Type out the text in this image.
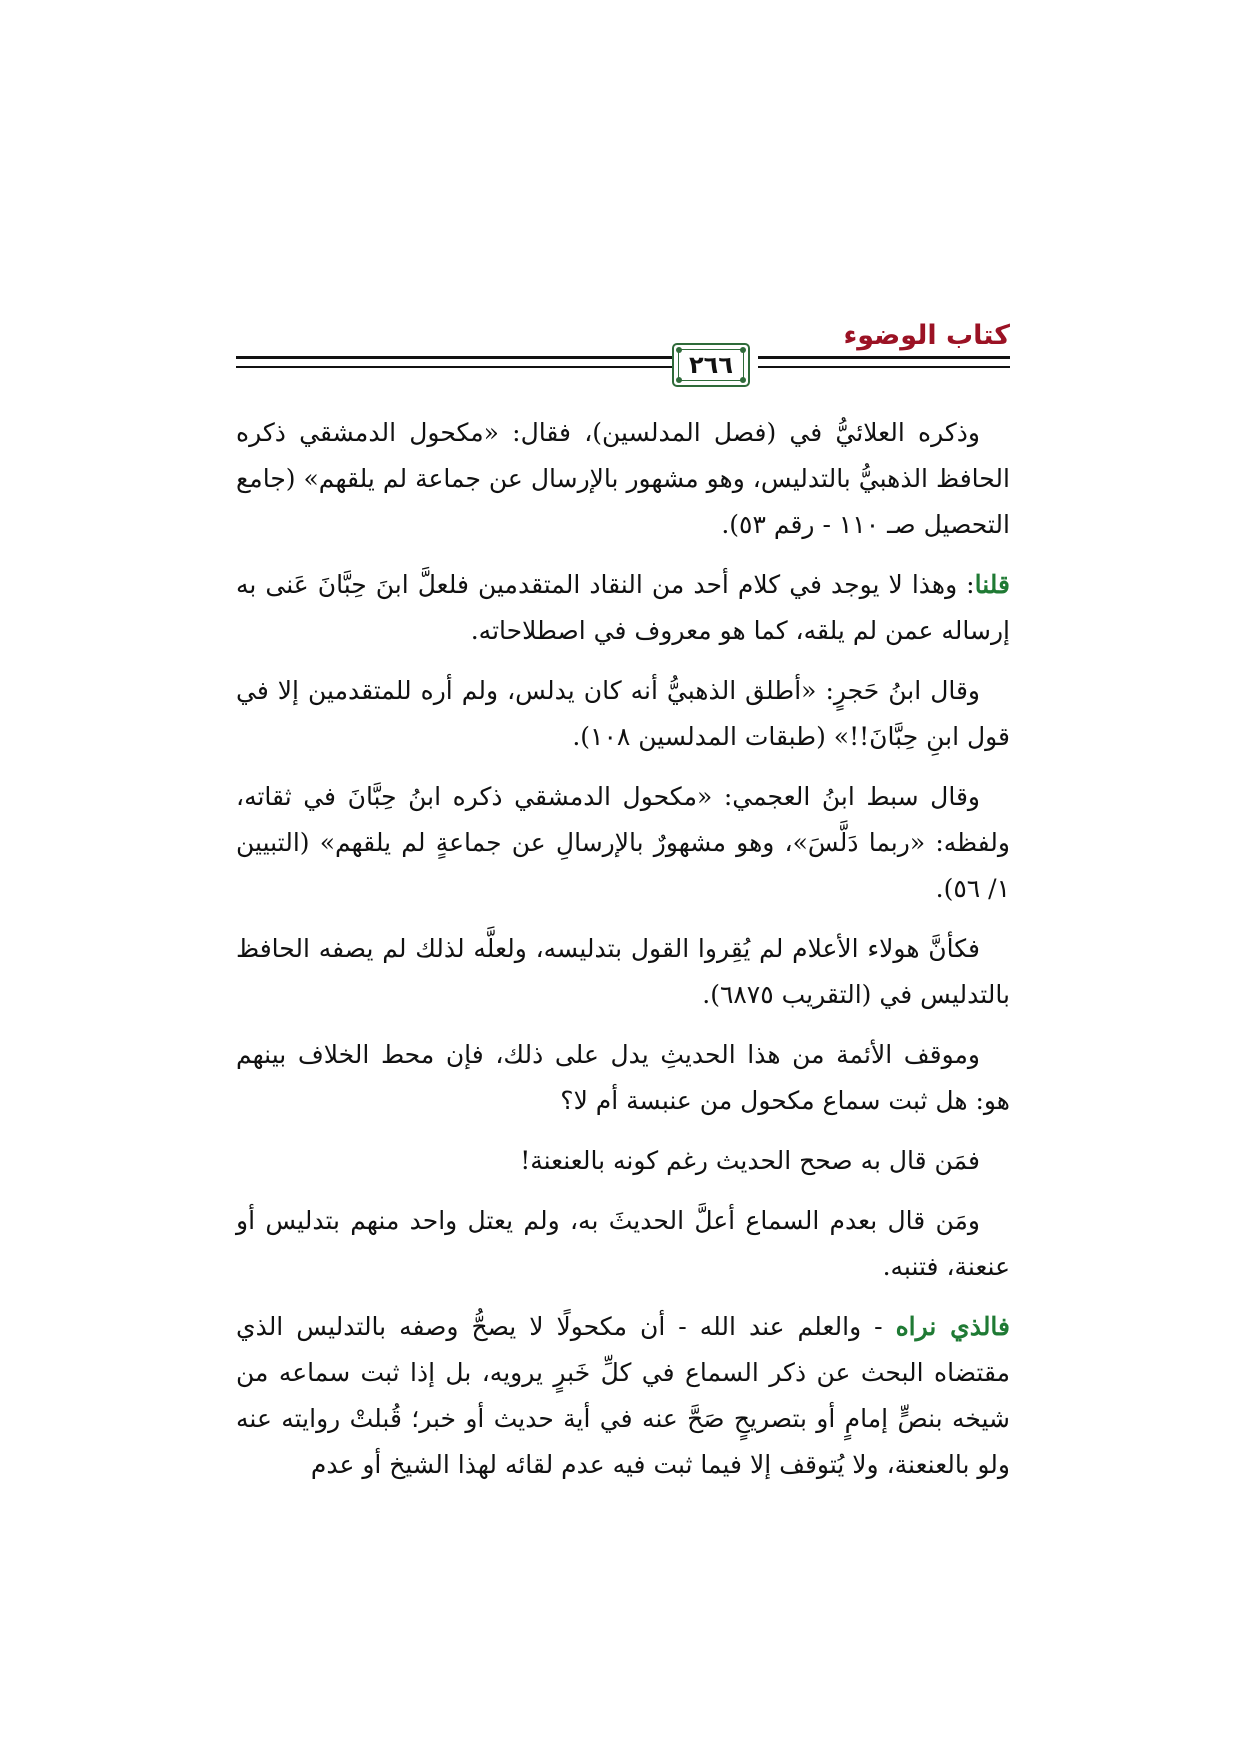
كتاب الوضوء
٢٦٦

وذكره العلائيُّ في (فصل المدلسين)، فقال: «مكحول الدمشقي ذكره الحافظ الذهبيُّ بالتدليس، وهو مشهور بالإرسال عن جماعة لم يلقهم» (جامع التحصيل صـ ١١٠ - رقم ٥٣).

قلنا: وهذا لا يوجد في كلام أحد من النقاد المتقدمين فلعلَّ ابنَ حِبَّانَ عَنى به إرساله عمن لم يلقه، كما هو معروف في اصطلاحاته.

وقال ابنُ حَجرٍ: «أطلق الذهبيُّ أنه كان يدلس، ولم أره للمتقدمين إلا في قول ابنِ حِبَّانَ!!» (طبقات المدلسين ١٠٨).

وقال سبط ابنُ العجمي: «مكحول الدمشقي ذكره ابنُ حِبَّانَ في ثقاته، ولفظه: «ربما دَلَّسَ»، وهو مشهورٌ بالإرسالِ عن جماعةٍ لم يلقهم» (التبيين ١/ ٥٦).

فكأنَّ هولاء الأعلام لم يُقِروا القول بتدليسه، ولعلَّه لذلك لم يصفه الحافظ بالتدليس في (التقريب ٦٨٧٥).

وموقف الأئمة من هذا الحديثِ يدل على ذلك، فإن محط الخلاف بينهم هو: هل ثبت سماع مكحول من عنبسة أم لا؟

فمَن قال به صحح الحديث رغم كونه بالعنعنة!

ومَن قال بعدم السماع أعلَّ الحديثَ به، ولم يعتل واحد منهم بتدليس أو عنعنة، فتنبه.

فالذي نراه - والعلم عند الله - أن مكحولًا لا يصحُّ وصفه بالتدليس الذي مقتضاه البحث عن ذكر السماع في كلِّ خَبرٍ يرويه، بل إذا ثبت سماعه من شيخه بنصٍّ إمامٍ أو بتصريحٍ صَحَّ عنه في أية حديث أو خبر؛ قُبلتْ روايته عنه ولو بالعنعنة، ولا يُتوقف إلا فيما ثبت فيه عدم لقائه لهذا الشيخ أو عدم
